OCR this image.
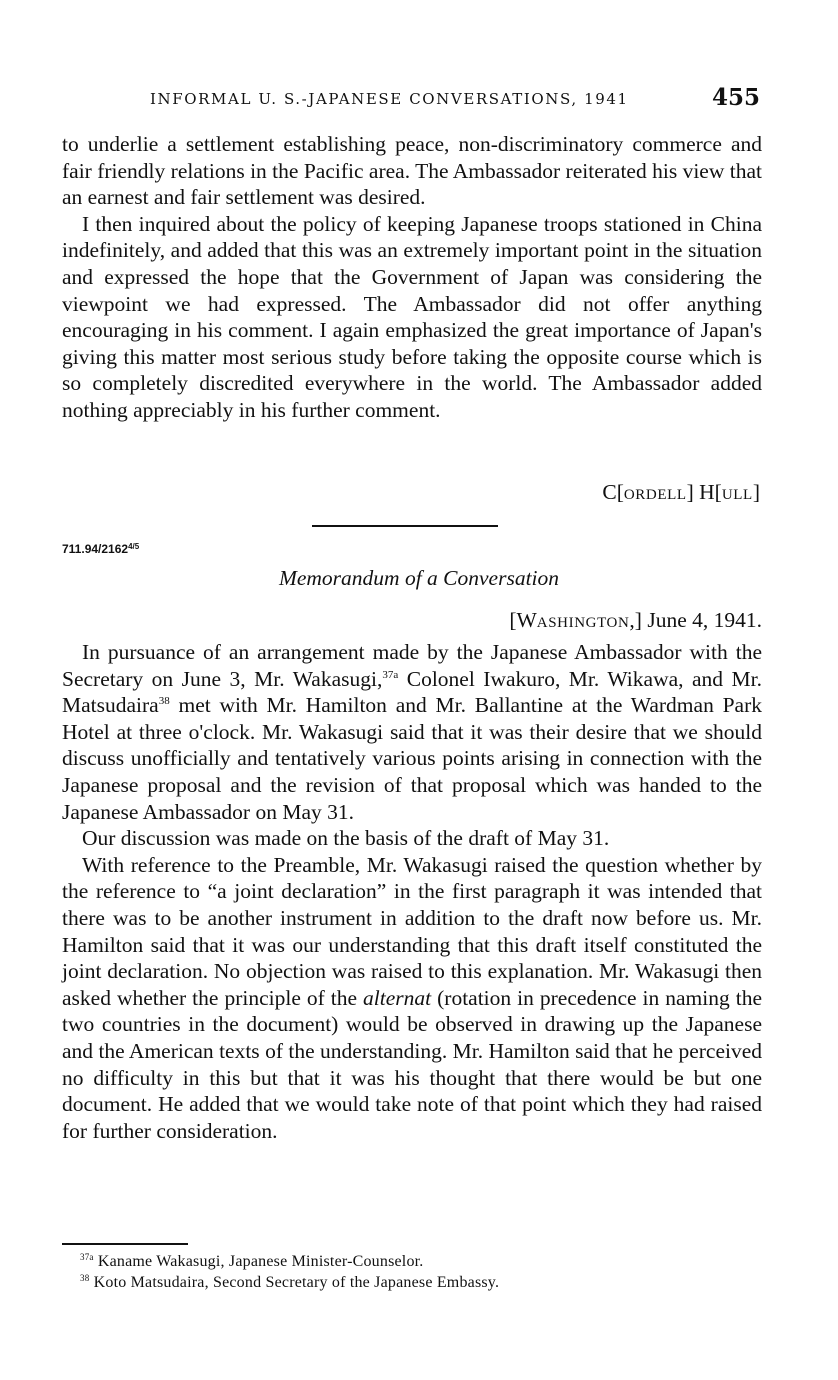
INFORMAL U. S.-JAPANESE CONVERSATIONS, 1941	455

to underlie a settlement establishing peace, non-discriminatory commerce and fair friendly relations in the Pacific area. The Ambassador reiterated his view that an earnest and fair settlement was desired.

I then inquired about the policy of keeping Japanese troops stationed in China indefinitely, and added that this was an extremely important point in the situation and expressed the hope that the Government of Japan was considering the viewpoint we had expressed. The Ambassador did not offer anything encouraging in his comment. I again emphasized the great importance of Japan's giving this matter most serious study before taking the opposite course which is so completely discredited everywhere in the world. The Ambassador added nothing appreciably in his further comment.

C[ORDELL] H[ULL]
$711.94/2162^{4/5}$
Memorandum of a Conversation
[WASHINGTON,] June 4, 1941.

In pursuance of an arrangement made by the Japanese Ambassador with the Secretary on June 3, Mr. Wakasugi,$^{37a}$ Colonel Iwakuro, Mr. Wikawa, and Mr. Matsudaira$^{38}$ met with Mr. Hamilton and Mr. Ballantine at the Wardman Park Hotel at three o'clock. Mr. Wakasugi said that it was their desire that we should discuss unofficially and tentatively various points arising in connection with the Japanese proposal and the revision of that proposal which was handed to the Japanese Ambassador on May 31.

Our discussion was made on the basis of the draft of May 31.

With reference to the Preamble, Mr. Wakasugi raised the question whether by the reference to “a joint declaration” in the first paragraph it was intended that there was to be another instrument in addition to the draft now before us. Mr. Hamilton said that it was our understanding that this draft itself constituted the joint declaration. No objection was raised to this explanation. Mr. Wakasugi then asked whether the principle of the alternat (rotation in precedence in naming the two countries in the document) would be observed in drawing up the Japanese and the American texts of the understanding. Mr. Hamilton said that he perceived no difficulty in this but that it was his thought that there would be but one document. He added that we would take note of that point which they had raised for further consideration.

$^{37a}$ Kaname Wakasugi, Japanese Minister-Counselor.
$^{38}$ Koto Matsudaira, Second Secretary of the Japanese Embassy.
